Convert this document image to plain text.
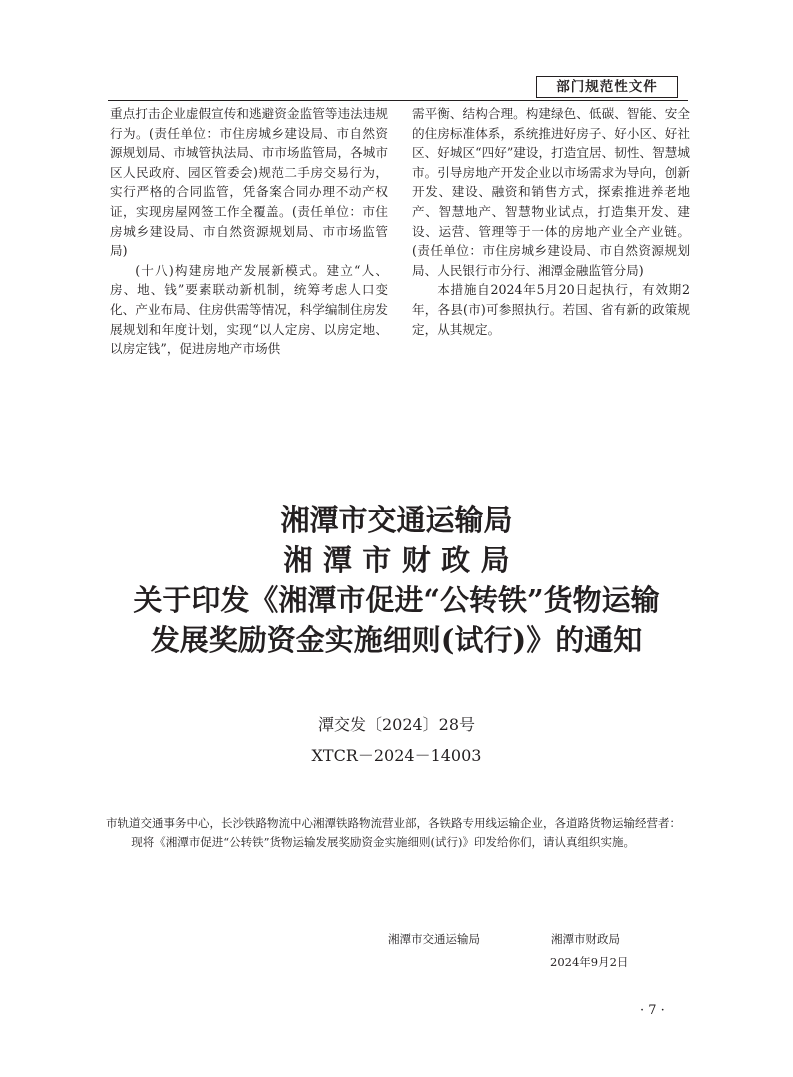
部门规范性文件

重点打击企业虚假宣传和逃避资金监管等违法违规行为。(责任单位：市住房城乡建设局、市自然资源规划局、市城管执法局、市市场监管局，各城市区人民政府、园区管委会)规范二手房交易行为，实行严格的合同监管，凭备案合同办理不动产权证，实现房屋网签工作全覆盖。(责任单位：市住房城乡建设局、市自然资源规划局、市市场监管局)

(十八)构建房地产发展新模式。建立“人、房、地、钱”要素联动新机制，统筹考虑人口变化、产业布局、住房供需等情况，科学编制住房发展规划和年度计划，实现“以人定房、以房定地、以房定钱”，促进房地产市场供

需平衡、结构合理。构建绿色、低碳、智能、安全的住房标准体系，系统推进好房子、好小区、好社区、好城区“四好”建设，打造宜居、韧性、智慧城市。引导房地产开发企业以市场需求为导向，创新开发、建设、融资和销售方式，探索推进养老地产、智慧地产、智慧物业试点，打造集开发、建设、运营、管理等于一体的房地产业全产业链。(责任单位：市住房城乡建设局、市自然资源规划局、人民银行市分行、湘潭金融监管分局)

本措施自2024年5月20日起执行，有效期2年，各县(市)可参照执行。若国、省有新的政策规定，从其规定。

湘潭市交通运输局
湘潭市财政局
关于印发《湘潭市促进“公转铁”货物运输
发展奖励资金实施细则(试行)》的通知
潭交发〔2024〕28号
XTCR－2024－14003

市轨道交通事务中心，长沙铁路物流中心湘潭铁路物流营业部，各铁路专用线运输企业，各道路货物运输经营者：

现将《湘潭市促进“公转铁”货物运输发展奖励资金实施细则(试行)》印发给你们，请认真组织实施。

湘潭市交通运输局	湘潭市财政局
2024年9月2日
· 7 ·
